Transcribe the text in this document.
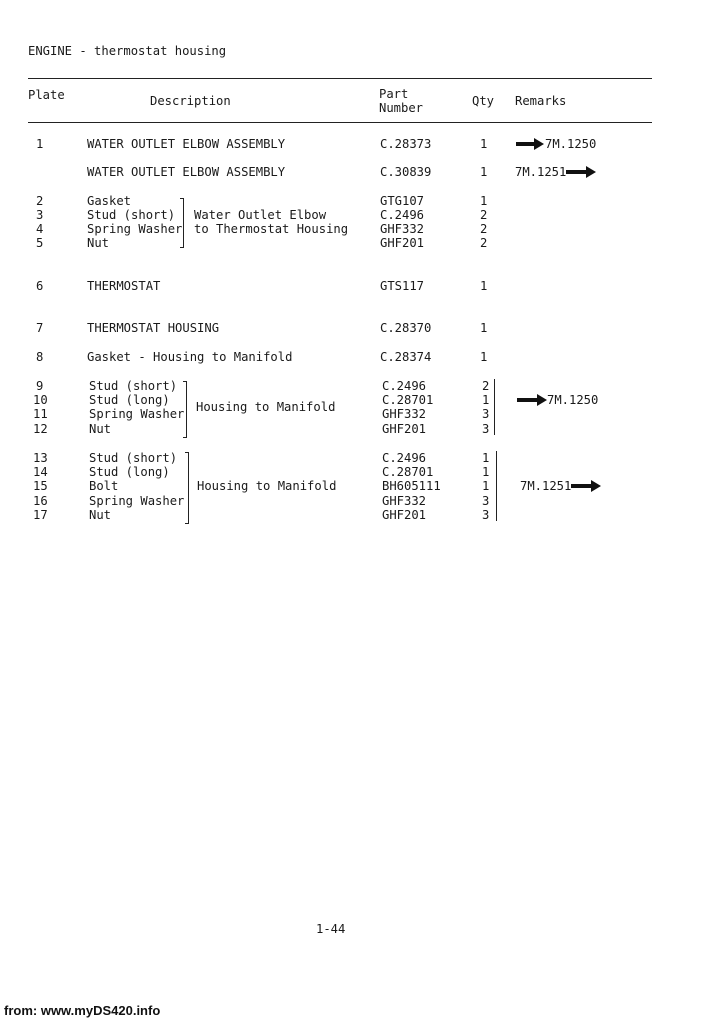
ENGINE - thermostat housing
Plate	Description	Part
Number	Qty Remarks
1	WATER OUTLET ELBOW ASSEMBLY	C.28373	1	7M.1250
WATER OUTLET ELBOW ASSEMBLY	C.30839	1 7M.1251
2	Gasket	GTG107	1
3	Stud (short)	C.2496	2
4	Spring Washer	GHF332	2
5	Nut	GHF201	2
Water Outlet Elbow
to Thermostat Housing
6	THERMOSTAT	GTS117	1
7	THERMOSTAT HOUSING	C.28370	1
8	Gasket - Housing to Manifold	C.28374	1
9	Stud (short)	C.2496	2
10	Stud (long)	C.28701	1
11	Spring Washer	GHF332	3
12	Nut	GHF201	3
Housing to Manifold	7M.1250
13	Stud (short)	C.2496	1
14	Stud (long)	C.28701	1
15	Bolt	BH605111	1
16	Spring Washer	GHF332	3
17	Nut	GHF201	3
Housing to Manifold	7M.1251
1-44
from: www.myDS420.info
